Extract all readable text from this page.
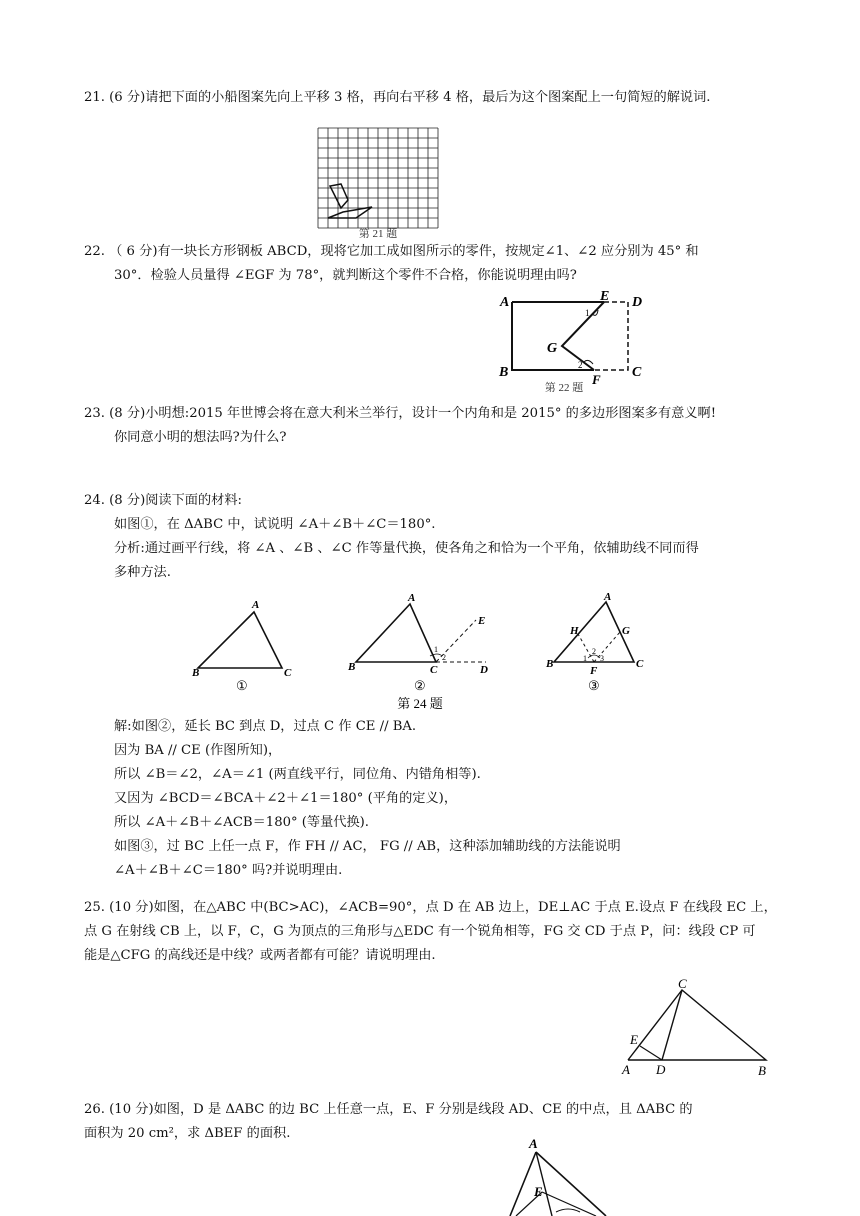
21. (6 分)请把下面的小船图案先向上平移 3 格，再向右平移 4 格，最后为这个图案配上一句简短的解说词.
第 21 题
22. （ 6 分)有一块长方形钢板 ABCD，现将它加工成如图所示的零件，按规定∠1、∠2 应分别为 45° 和
30°．检验人员量得 ∠EGF 为 78°，就判断这个零件不合格，你能说明理由吗?
A	E D
G
B	F C
1
2
第 22 题
23. (8 分)小明想:2015 年世博会将在意大利米兰举行，设计一个内角和是 2015° 的多边形图案多有意义啊!
你同意小明的想法吗?为什么?
24. (8 分)阅读下面的材料:
如图①，在 ΔABC 中，试说明 ∠A＋∠B＋∠C＝180°.
分析:通过画平行线，将 ∠A 、∠B 、∠C 作等量代换，使各角之和恰为一个平角，依辅助线不同而得
多种方法.
A
B	C
①
A
B	C	D
E
1
2
②
A
B	C
F
G
H
1
2
3
③
第 24 题
解:如图②，延长 BC 到点 D，过点 C 作 CE // BA.
因为 BA // CE (作图所知)，
所以 ∠B＝∠2，∠A＝∠1 (两直线平行，同位角、内错角相等).
又因为 ∠BCD＝∠BCA＋∠2＋∠1＝180° (平角的定义)，
所以 ∠A＋∠B＋∠ACB＝180° (等量代换).
如图③，过 BC 上任一点 F，作 FH // AC， FG // AB，这种添加辅助线的方法能说明
∠A＋∠B＋∠C＝180° 吗?并说明理由.
25. (10 分)如图，在△ABC 中(BC>AC)，∠ACB=90°，点 D 在 AB 边上，DE⊥AC 于点 E.设点 F 在线段 EC 上，
点 G 在射线 CB 上，以 F，C，G 为顶点的三角形与△EDC 有一个锐角相等，FG 交 CD 于点 P，问：线段 CP 可
能是△CFG 的高线还是中线？或两者都有可能？请说明理由.
C
E
A D	B
26. (10 分)如图，D 是 ΔABC 的边 BC 上任意一点，E、F 分别是线段 AD、CE 的中点，且 ΔABC 的
面积为 20 cm²，求 ΔBEF 的面积.
A
E
